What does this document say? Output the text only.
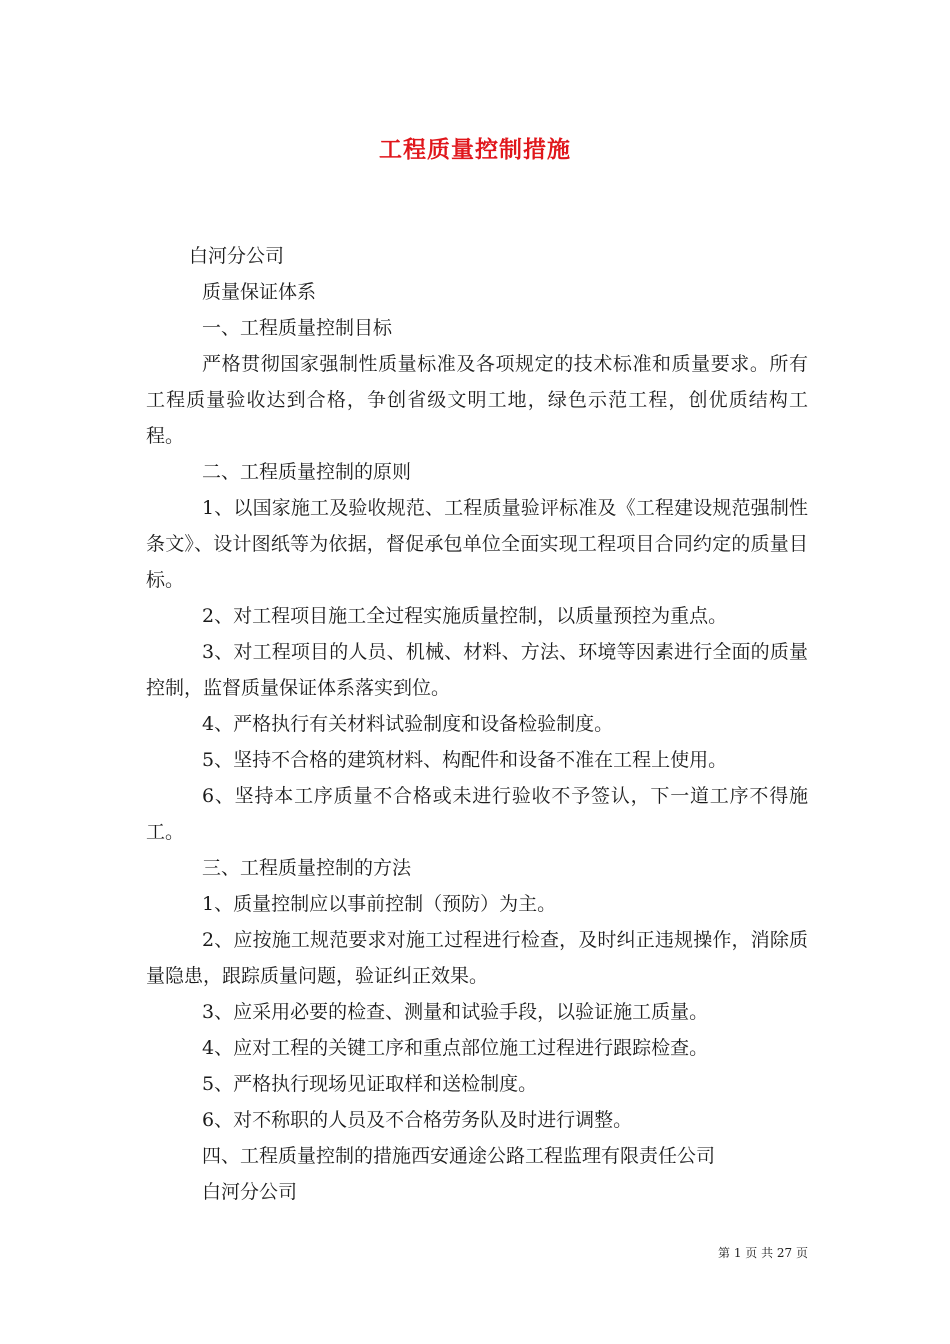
工程质量控制措施

白河分公司

质量保证体系

一、工程质量控制目标

严格贯彻国家强制性质量标准及各项规定的技术标准和质量要求。所有工程质量验收达到合格，争创省级文明工地，绿色示范工程，创优质结构工程。

二、工程质量控制的原则

1、以国家施工及验收规范、工程质量验评标准及《工程建设规范强制性条文》、设计图纸等为依据，督促承包单位全面实现工程项目合同约定的质量目标。

2、对工程项目施工全过程实施质量控制，以质量预控为重点。

3、对工程项目的人员、机械、材料、方法、环境等因素进行全面的质量控制，监督质量保证体系落实到位。

4、严格执行有关材料试验制度和设备检验制度。

5、坚持不合格的建筑材料、构配件和设备不准在工程上使用。

6、坚持本工序质量不合格或未进行验收不予签认，下一道工序不得施工。

三、工程质量控制的方法

1、质量控制应以事前控制（预防）为主。

2、应按施工规范要求对施工过程进行检查，及时纠正违规操作，消除质量隐患，跟踪质量问题，验证纠正效果。

3、应采用必要的检查、测量和试验手段，以验证施工质量。

4、应对工程的关键工序和重点部位施工过程进行跟踪检查。

5、严格执行现场见证取样和送检制度。

6、对不称职的人员及不合格劳务队及时进行调整。

四、工程质量控制的措施西安通途公路工程监理有限责任公司

白河分公司

第 1 页 共 27 页
